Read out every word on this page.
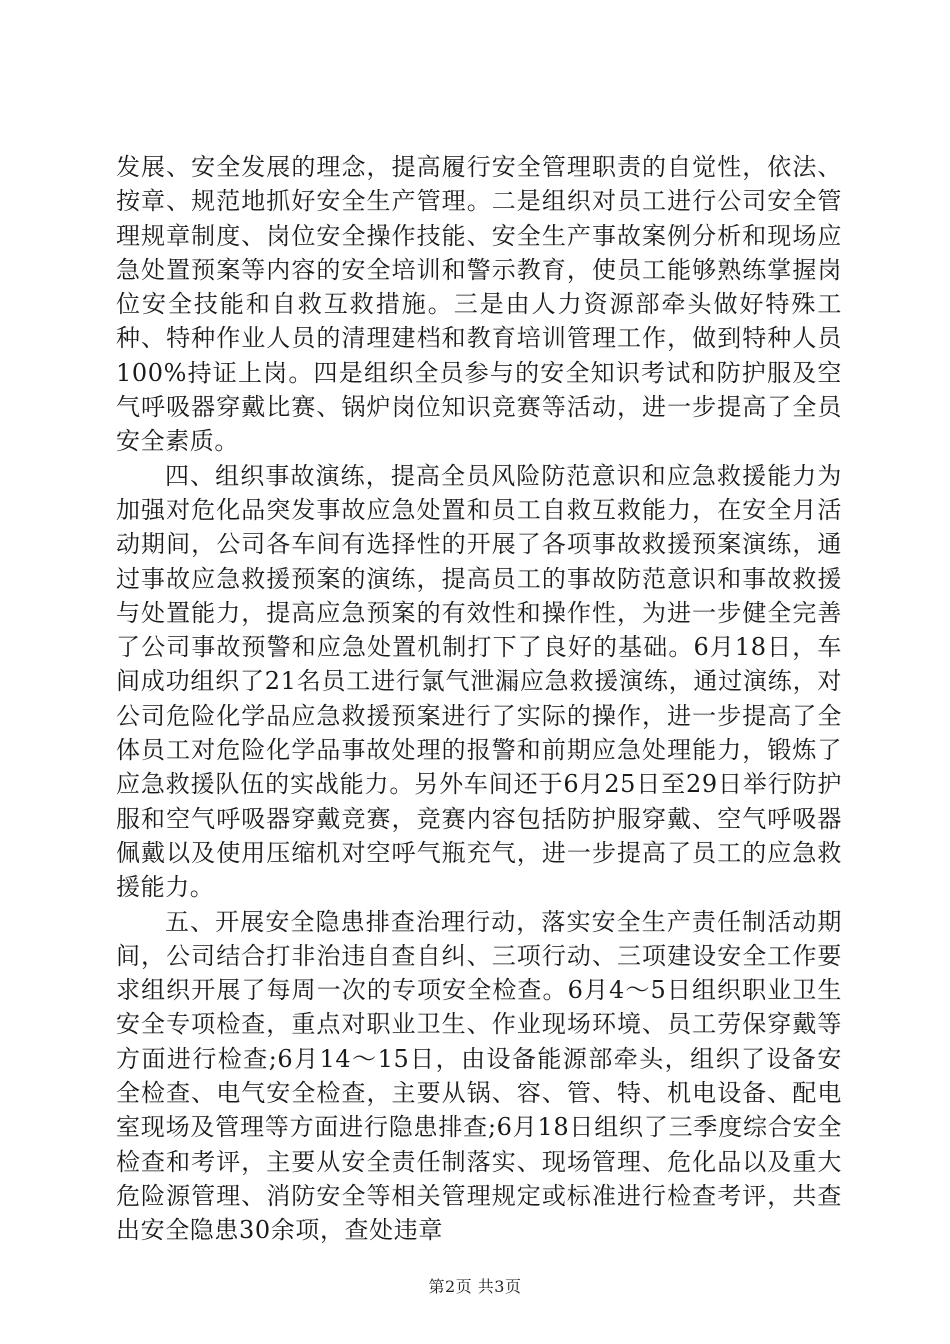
发展、安全发展的理念，提高履行安全管理职责的自觉性，依法、按章、规范地抓好安全生产管理。二是组织对员工进行公司安全管理规章制度、岗位安全操作技能、安全生产事故案例分析和现场应急处置预案等内容的安全培训和警示教育，使员工能够熟练掌握岗位安全技能和自救互救措施。三是由人力资源部牵头做好特殊工种、特种作业人员的清理建档和教育培训管理工作，做到特种人员100%持证上岗。四是组织全员参与的安全知识考试和防护服及空气呼吸器穿戴比赛、锅炉岗位知识竞赛等活动，进一步提高了全员安全素质。

四、组织事故演练，提高全员风险防范意识和应急救援能力为加强对危化品突发事故应急处置和员工自救互救能力，在安全月活动期间，公司各车间有选择性的开展了各项事故救援预案演练，通过事故应急救援预案的演练，提高员工的事故防范意识和事故救援与处置能力，提高应急预案的有效性和操作性，为进一步健全完善了公司事故预警和应急处置机制打下了良好的基础。6月18日，车间成功组织了21名员工进行氯气泄漏应急救援演练，通过演练，对公司危险化学品应急救援预案进行了实际的操作，进一步提高了全体员工对危险化学品事故处理的报警和前期应急处理能力，锻炼了应急救援队伍的实战能力。另外车间还于6月25日至29日举行防护服和空气呼吸器穿戴竞赛，竞赛内容包括防护服穿戴、空气呼吸器佩戴以及使用压缩机对空呼气瓶充气，进一步提高了员工的应急救援能力。

五、开展安全隐患排查治理行动，落实安全生产责任制活动期间，公司结合打非治违自查自纠、三项行动、三项建设安全工作要求组织开展了每周一次的专项安全检查。6月4～5日组织职业卫生安全专项检查，重点对职业卫生、作业现场环境、员工劳保穿戴等方面进行检查;6月14～15日，由设备能源部牵头，组织了设备安全检查、电气安全检查，主要从锅、容、管、特、机电设备、配电室现场及管理等方面进行隐患排查;6月18日组织了三季度综合安全检查和考评，主要从安全责任制落实、现场管理、危化品以及重大危险源管理、消防安全等相关管理规定或标准进行检查考评，共查出安全隐患30余项，查处违章

第2页 共3页
